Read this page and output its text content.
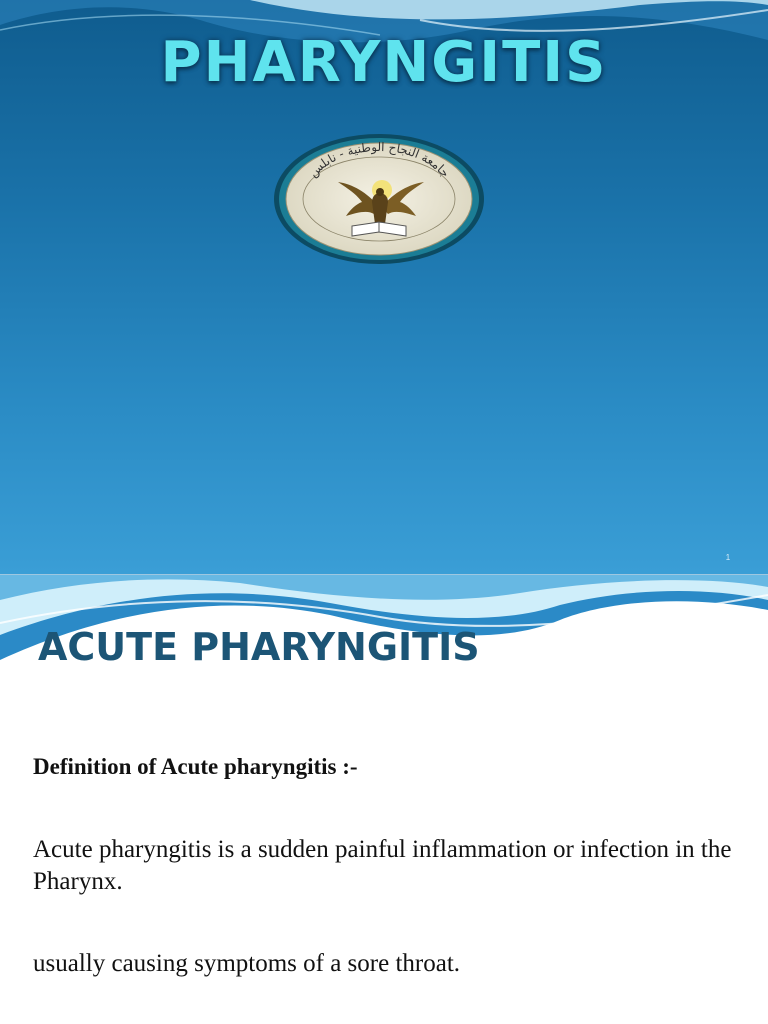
PHARYNGITIS
جامعة النجاح الوطنية - نابلس
1
ACUTE PHARYNGITIS
Definition of Acute pharyngitis :-
Acute pharyngitis is a sudden painful inflammation or infection in the Pharynx.
usually causing symptoms of a sore throat.
